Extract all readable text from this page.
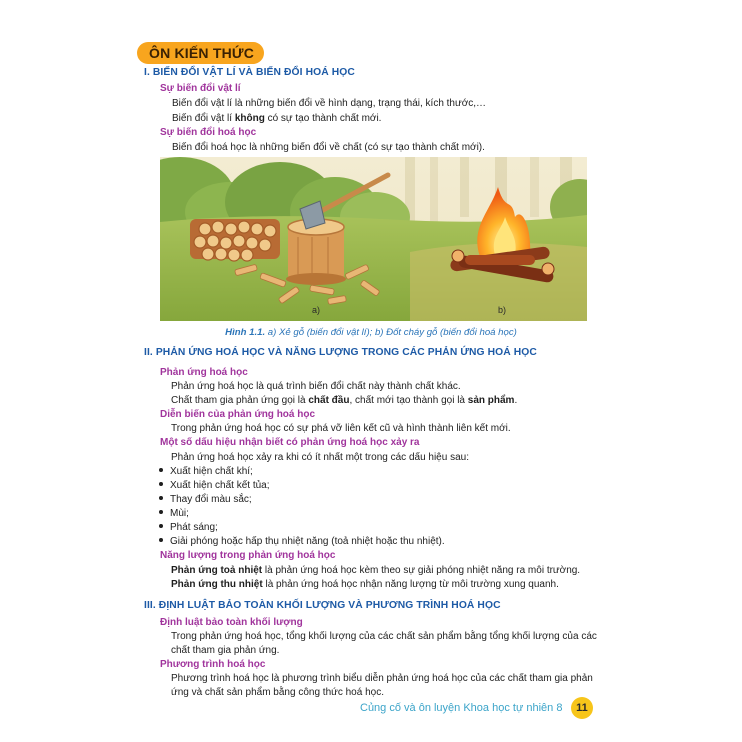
ÔN KIẾN THỨC
I. BIẾN ĐỔI VẬT LÍ VÀ BIẾN ĐỔI HOÁ HỌC
Sự biến đổi vật lí
Biến đổi vật lí là những biến đổi về hình dạng, trạng thái, kích thước,…
Biến đổi vật lí không có sự tạo thành chất mới.
Sự biến đổi hoá học
Biến đổi hoá học là những biến đổi về chất (có sự tạo thành chất mới).
a)	b)
Hình 1.1. a) Xẻ gỗ (biến đổi vật lí); b) Đốt cháy gỗ (biến đổi hoá học)
II. PHẢN ỨNG HOÁ HỌC VÀ NĂNG LƯỢNG TRONG CÁC PHẢN ỨNG HOÁ HỌC
Phản ứng hoá học
Phản ứng hoá học là quá trình biến đổi chất này thành chất khác.
Chất tham gia phản ứng gọi là chất đầu, chất mới tạo thành gọi là sản phẩm.
Diễn biến của phản ứng hoá học
Trong phản ứng hoá học có sự phá vỡ liên kết cũ và hình thành liên kết mới.
Một số dấu hiệu nhận biết có phản ứng hoá học xảy ra
Phản ứng hoá học xảy ra khi có ít nhất một trong các dấu hiệu sau:
Xuất hiện chất khí;
Xuất hiện chất kết tủa;
Thay đổi màu sắc;
Mùi;
Phát sáng;
Giải phóng hoặc hấp thụ nhiệt năng (toả nhiệt hoặc thu nhiệt).
Năng lượng trong phản ứng hoá học
Phản ứng toả nhiệt là phản ứng hoá học kèm theo sự giải phóng nhiệt năng ra môi trường.
Phản ứng thu nhiệt là phản ứng hoá học nhận năng lượng từ môi trường xung quanh.
III. ĐỊNH LUẬT BẢO TOÀN KHỐI LƯỢNG VÀ PHƯƠNG TRÌNH HOÁ HỌC
Định luật bảo toàn khối lượng
Trong phản ứng hoá học, tổng khối lượng của các chất sản phẩm bằng tổng khối lượng của các
chất tham gia phản ứng.
Phương trình hoá học
Phương trình hoá học là phương trình biểu diễn phản ứng hoá học của các chất tham gia phản
ứng và chất sản phẩm bằng công thức hoá học.
Củng cố và ôn luyện Khoa học tự nhiên 8	11
